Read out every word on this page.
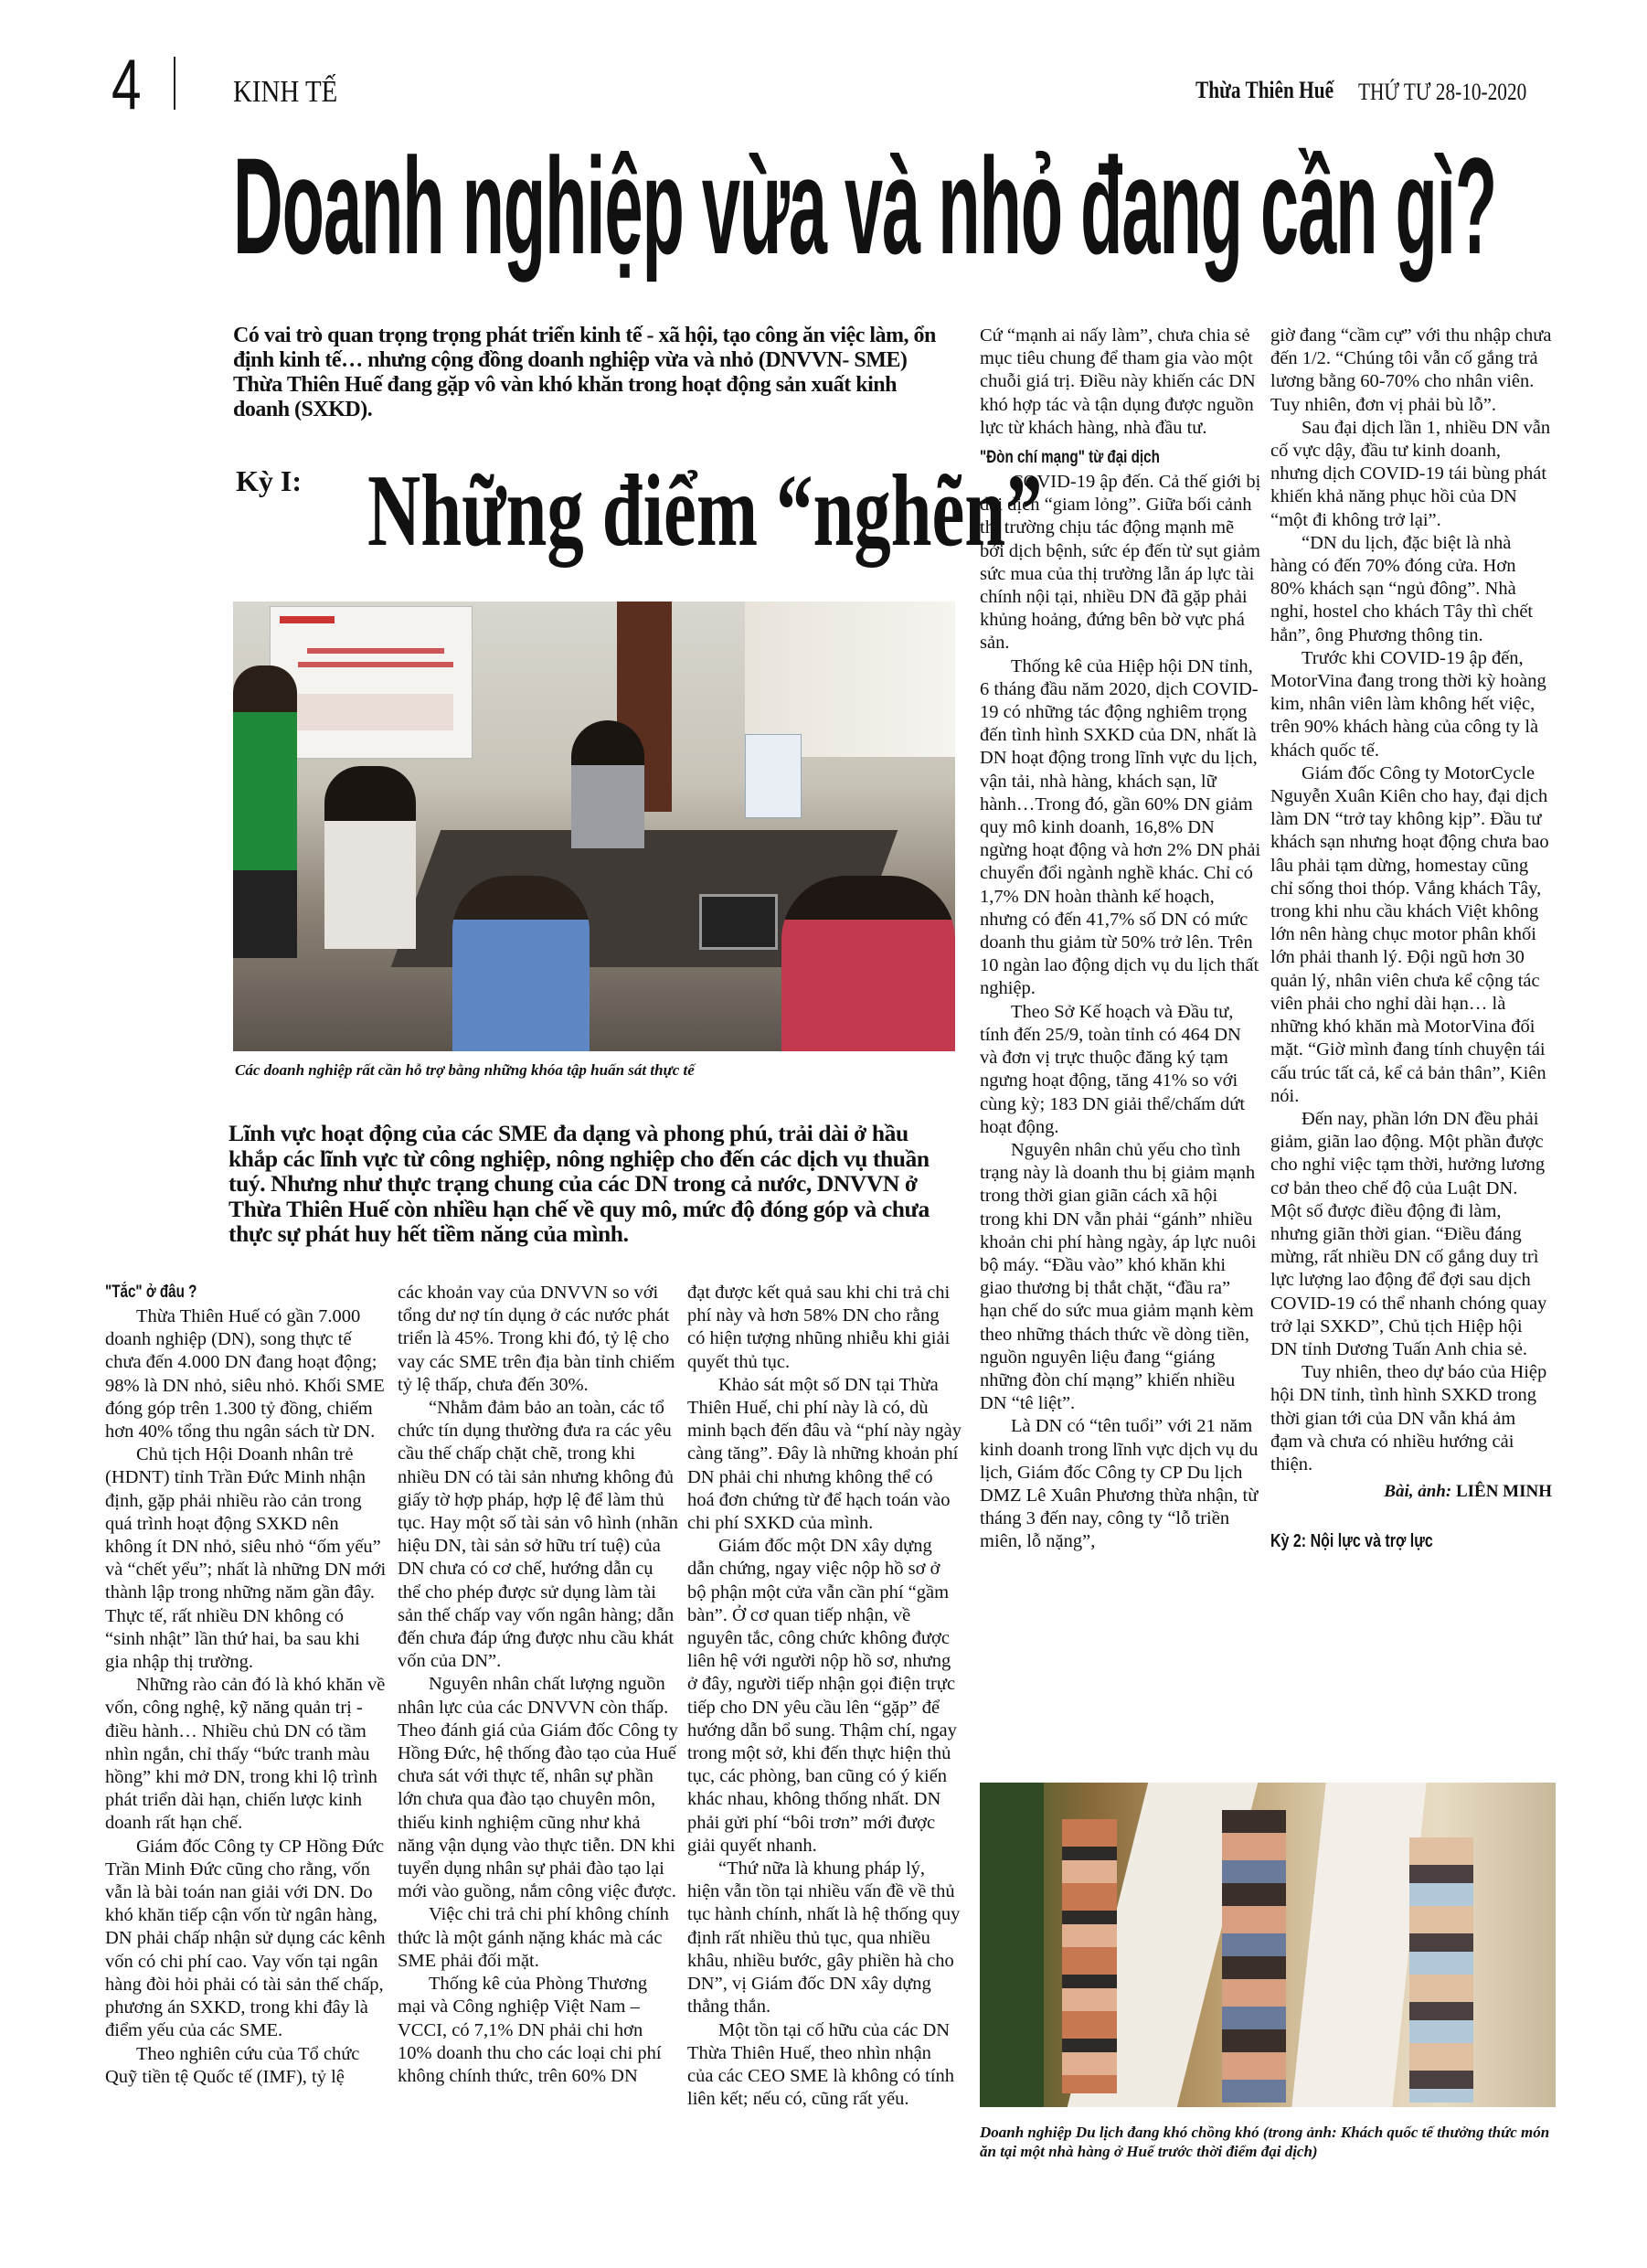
4	KINH TẾ	Thừa Thiên Huế THỨ TƯ 28-10-2020
Doanh nghiệp vừa và nhỏ đang cần gì?
Có vai trò quan trọng trọng phát triển kinh tế - xã hội, tạo công ăn việc làm, ổn định kinh tế… nhưng cộng đồng doanh nghiệp vừa và nhỏ (DNVVN- SME) Thừa Thiên Huế đang gặp vô vàn khó khăn trong hoạt động sản xuất kinh doanh (SXKD).
Kỳ I: Những điểm “nghẽn”
Các doanh nghiệp rất cần hỗ trợ bằng những khóa tập huấn sát thực tế
Lĩnh vực hoạt động của các SME đa dạng và phong phú, trải dài ở hầu khắp các lĩnh vực từ công nghiệp, nông nghiệp cho đến các dịch vụ thuần tuý. Nhưng như thực trạng chung của các DN trong cả nước, DNVVN ở Thừa Thiên Huế còn nhiều hạn chế về quy mô, mức độ đóng góp và chưa thực sự phát huy hết tiềm năng của mình.
"Tắc" ở đâu ?

Thừa Thiên Huế có gần 7.000 doanh nghiệp (DN), song thực tế chưa đến 4.000 DN đang hoạt động; 98% là DN nhỏ, siêu nhỏ. Khối SME đóng góp trên 1.300 tỷ đồng, chiếm hơn 40% tổng thu ngân sách từ DN.

Chủ tịch Hội Doanh nhân trẻ (HDNT) tỉnh Trần Đức Minh nhận định, gặp phải nhiều rào cản trong quá trình hoạt động SXKD nên không ít DN nhỏ, siêu nhỏ “ốm yếu” và “chết yểu”; nhất là những DN mới thành lập trong những năm gần đây. Thực tế, rất nhiều DN không có “sinh nhật” lần thứ hai, ba sau khi gia nhập thị trường.

Những rào cản đó là khó khăn về vốn, công nghệ, kỹ năng quản trị - điều hành… Nhiều chủ DN có tầm nhìn ngắn, chỉ thấy “bức tranh màu hồng” khi mở DN, trong khi lộ trình phát triển dài hạn, chiến lược kinh doanh rất hạn chế.

Giám đốc Công ty CP Hồng Đức Trần Minh Đức cũng cho rằng, vốn vẫn là bài toán nan giải với DN. Do khó khăn tiếp cận vốn từ ngân hàng, DN phải chấp nhận sử dụng các kênh vốn có chi phí cao. Vay vốn tại ngân hàng đòi hỏi phải có tài sản thế chấp, phương án SXKD, trong khi đây là điểm yếu của các SME.

Theo nghiên cứu của Tổ chức Quỹ tiền tệ Quốc tế (IMF), tỷ lệ

các khoản vay của DNVVN so với tổng dư nợ tín dụng ở các nước phát triển là 45%. Trong khi đó, tỷ lệ cho vay các SME trên địa bàn tỉnh chiếm tỷ lệ thấp, chưa đến 30%.

“Nhằm đảm bảo an toàn, các tổ chức tín dụng thường đưa ra các yêu cầu thế chấp chặt chẽ, trong khi nhiều DN có tài sản nhưng không đủ giấy tờ hợp pháp, hợp lệ để làm thủ tục. Hay một số tài sản vô hình (nhãn hiệu DN, tài sản sở hữu trí tuệ) của DN chưa có cơ chế, hướng dẫn cụ thể cho phép được sử dụng làm tài sản thế chấp vay vốn ngân hàng; dẫn đến chưa đáp ứng được nhu cầu khát vốn của DN”.

Nguyên nhân chất lượng nguồn nhân lực của các DNVVN còn thấp. Theo đánh giá của Giám đốc Công ty Hồng Đức, hệ thống đào tạo của Huế chưa sát với thực tế, nhân sự phần lớn chưa qua đào tạo chuyên môn, thiếu kinh nghiệm cũng như khả năng vận dụng vào thực tiễn. DN khi tuyển dụng nhân sự phải đào tạo lại mới vào guồng, nắm công việc được.

Việc chi trả chi phí không chính thức là một gánh nặng khác mà các SME phải đối mặt.

Thống kê của Phòng Thương mại và Công nghiệp Việt Nam – VCCI, có 7,1% DN phải chi hơn 10% doanh thu cho các loại chi phí không chính thức, trên 60% DN

đạt được kết quả sau khi chi trả chi phí này và hơn 58% DN cho rằng có hiện tượng nhũng nhiễu khi giải quyết thủ tục.

Khảo sát một số DN tại Thừa Thiên Huế, chi phí này là có, dù minh bạch đến đâu và “phí này ngày càng tăng”. Đây là những khoản phí DN phải chi nhưng không thể có hoá đơn chứng từ để hạch toán vào chi phí SXKD của mình.

Giám đốc một DN xây dựng dẫn chứng, ngay việc nộp hồ sơ ở bộ phận một cửa vẫn cần phí “gầm bàn”. Ở cơ quan tiếp nhận, về nguyên tắc, công chức không được liên hệ với người nộp hồ sơ, nhưng ở đây, người tiếp nhận gọi điện trực tiếp cho DN yêu cầu lên “gặp” để hướng dẫn bổ sung. Thậm chí, ngay trong một sở, khi đến thực hiện thủ tục, các phòng, ban cũng có ý kiến khác nhau, không thống nhất. DN phải gửi phí “bôi trơn” mới được giải quyết nhanh.

“Thứ nữa là khung pháp lý, hiện vẫn tồn tại nhiều vấn đề về thủ tục hành chính, nhất là hệ thống quy định rất nhiều thủ tục, qua nhiều khâu, nhiều bước, gây phiền hà cho DN”, vị Giám đốc DN xây dựng thẳng thắn.

Một tồn tại cố hữu của các DN Thừa Thiên Huế, theo nhìn nhận của các CEO SME là không có tính liên kết; nếu có, cũng rất yếu.

Cứ “mạnh ai nấy làm”, chưa chia sẻ mục tiêu chung để tham gia vào một chuỗi giá trị. Điều này khiến các DN khó hợp tác và tận dụng được nguồn lực từ khách hàng, nhà đầu tư.

"Đòn chí mạng" từ đại dịch

COVID-19 ập đến. Cả thế giới bị đại dịch “giam lỏng”. Giữa bối cảnh thị trường chịu tác động mạnh mẽ bởi dịch bệnh, sức ép đến từ sụt giảm sức mua của thị trường lẫn áp lực tài chính nội tại, nhiều DN đã gặp phải khủng hoảng, đứng bên bờ vực phá sản.

Thống kê của Hiệp hội DN tỉnh, 6 tháng đầu năm 2020, dịch COVID-19 có những tác động nghiêm trọng đến tình hình SXKD của DN, nhất là DN hoạt động trong lĩnh vực du lịch, vận tải, nhà hàng, khách sạn, lữ hành…Trong đó, gần 60% DN giảm quy mô kinh doanh, 16,8% DN ngừng hoạt động và hơn 2% DN phải chuyển đổi ngành nghề khác. Chỉ có 1,7% DN hoàn thành kế hoạch, nhưng có đến 41,7% số DN có mức doanh thu giảm từ 50% trở lên. Trên 10 ngàn lao động dịch vụ du lịch thất nghiệp.

Theo Sở Kế hoạch và Đầu tư, tính đến 25/9, toàn tỉnh có 464 DN và đơn vị trực thuộc đăng ký tạm ngưng hoạt động, tăng 41% so với cùng kỳ; 183 DN giải thể/chấm dứt hoạt động.

Nguyên nhân chủ yếu cho tình trạng này là doanh thu bị giảm mạnh trong thời gian giãn cách xã hội trong khi DN vẫn phải “gánh” nhiều khoản chi phí hàng ngày, áp lực nuôi bộ máy. “Đầu vào” khó khăn khi giao thương bị thắt chặt, “đầu ra” hạn chế do sức mua giảm mạnh kèm theo những thách thức về dòng tiền, nguồn nguyên liệu đang “giáng những đòn chí mạng” khiến nhiều DN “tê liệt”.

Là DN có “tên tuổi” với 21 năm kinh doanh trong lĩnh vực dịch vụ du lịch, Giám đốc Công ty CP Du lịch DMZ Lê Xuân Phương thừa nhận, từ tháng 3 đến nay, công ty “lỗ triền miên, lỗ nặng”,

giờ đang “cầm cự” với thu nhập chưa đến 1/2. “Chúng tôi vẫn cố gắng trả lương bằng 60-70% cho nhân viên. Tuy nhiên, đơn vị phải bù lỗ”.

Sau đại dịch lần 1, nhiều DN vẫn cố vực dậy, đầu tư kinh doanh, nhưng dịch COVID-19 tái bùng phát khiến khả năng phục hồi của DN “một đi không trở lại”.

“DN du lịch, đặc biệt là nhà hàng có đến 70% đóng cửa. Hơn 80% khách sạn “ngủ đông”. Nhà nghỉ, hostel cho khách Tây thì chết hẳn”, ông Phương thông tin.

Trước khi COVID-19 ập đến, MotorVina đang trong thời kỳ hoàng kim, nhân viên làm không hết việc, trên 90% khách hàng của công ty là khách quốc tế.

Giám đốc Công ty MotorCycle Nguyễn Xuân Kiên cho hay, đại dịch làm DN “trở tay không kịp”. Đầu tư khách sạn nhưng hoạt động chưa bao lâu phải tạm dừng, homestay cũng chỉ sống thoi thóp. Vắng khách Tây, trong khi nhu cầu khách Việt không lớn nên hàng chục motor phân khối lớn phải thanh lý. Đội ngũ hơn 30 quản lý, nhân viên chưa kể cộng tác viên phải cho nghỉ dài hạn… là những khó khăn mà MotorVina đối mặt. “Giờ mình đang tính chuyện tái cấu trúc tất cả, kể cả bản thân”, Kiên nói.

Đến nay, phần lớn DN đều phải giảm, giãn lao động. Một phần được cho nghỉ việc tạm thời, hưởng lương cơ bản theo chế độ của Luật DN. Một số được điều động đi làm, nhưng giãn thời gian. “Điều đáng mừng, rất nhiều DN cố gắng duy trì lực lượng lao động để đợi sau dịch COVID-19 có thể nhanh chóng quay trở lại SXKD”, Chủ tịch Hiệp hội DN tỉnh Dương Tuấn Anh chia sẻ.

Tuy nhiên, theo dự báo của Hiệp hội DN tỉnh, tình hình SXKD trong thời gian tới của DN vẫn khá ảm đạm và chưa có nhiều hướng cải thiện.

Bài, ảnh: LIÊN MINH
Kỳ 2: Nội lực và trợ lực
Doanh nghiệp Du lịch đang khó chồng khó (trong ảnh: Khách quốc tế thưởng thức món ăn tại một nhà hàng ở Huế trước thời điểm đại dịch)
